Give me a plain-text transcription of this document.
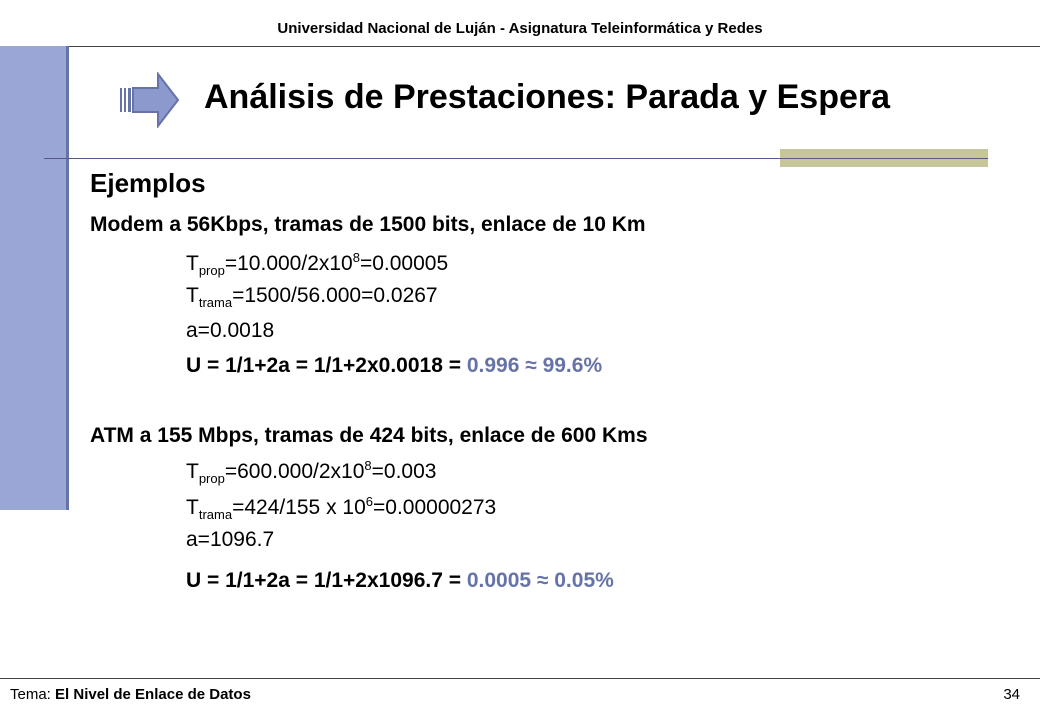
Universidad Nacional de Luján - Asignatura Teleinformática y Redes
Análisis de Prestaciones: Parada y Espera
Ejemplos
Modem a 56Kbps, tramas de 1500 bits, enlace de 10 Km
$T_{prop}=10.000/2x10^8=0.00005$
$T_{trama}=1500/56.000=0.0267$
a=0.0018
U = 1/1+2a = 1/1+2x0.0018 = 0.996 ≈ 99.6%
ATM a 155 Mbps, tramas de 424 bits, enlace de 600 Kms
$T_{prop}=600.000/2x10^8=0.003$
$T_{trama}=424/155$ x $10^6=0.00000273$
a=1096.7
U = 1/1+2a = 1/1+2x1096.7 = 0.0005 ≈ 0.05%
Tema: El Nivel de Enlace de Datos	34
